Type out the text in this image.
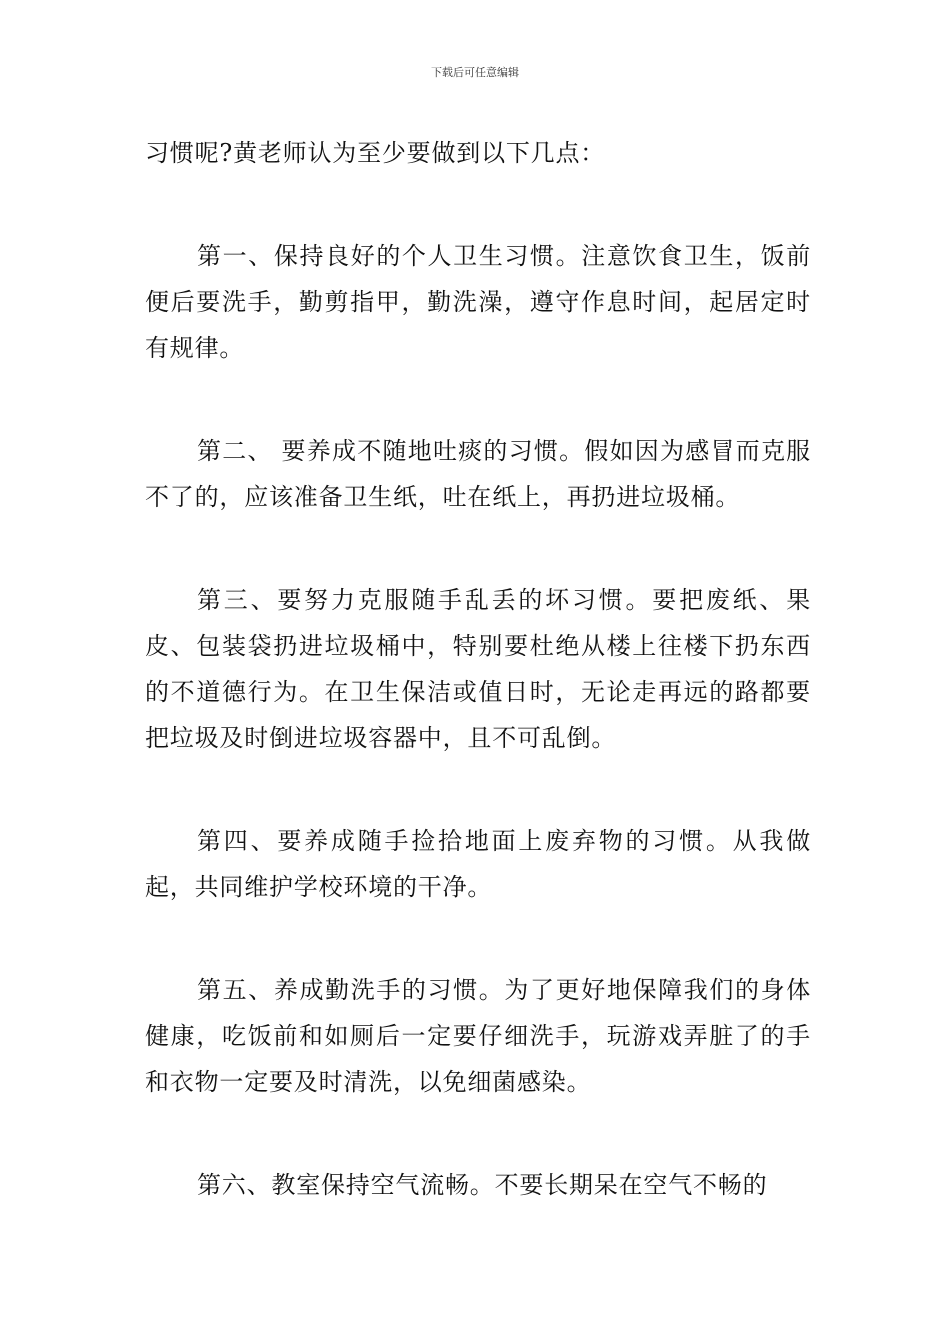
下载后可任意编辑

习惯呢?黄老师认为至少要做到以下几点：

第一、保持良好的个人卫生习惯。注意饮食卫生，饭前便后要洗手，勤剪指甲，勤洗澡，遵守作息时间，起居定时有规律。

第二、 要养成不随地吐痰的习惯。假如因为感冒而克服不了的，应该准备卫生纸，吐在纸上，再扔进垃圾桶。

第三、要努力克服随手乱丢的坏习惯。要把废纸、果皮、包装袋扔进垃圾桶中，特别要杜绝从楼上往楼下扔东西的不道德行为。在卫生保洁或值日时，无论走再远的路都要把垃圾及时倒进垃圾容器中，且不可乱倒。

第四、要养成随手捡拾地面上废弃物的习惯。从我做起，共同维护学校环境的干净。

第五、养成勤洗手的习惯。为了更好地保障我们的身体健康，吃饭前和如厕后一定要仔细洗手，玩游戏弄脏了的手和衣物一定要及时清洗，以免细菌感染。

第六、教室保持空气流畅。不要长期呆在空气不畅的
